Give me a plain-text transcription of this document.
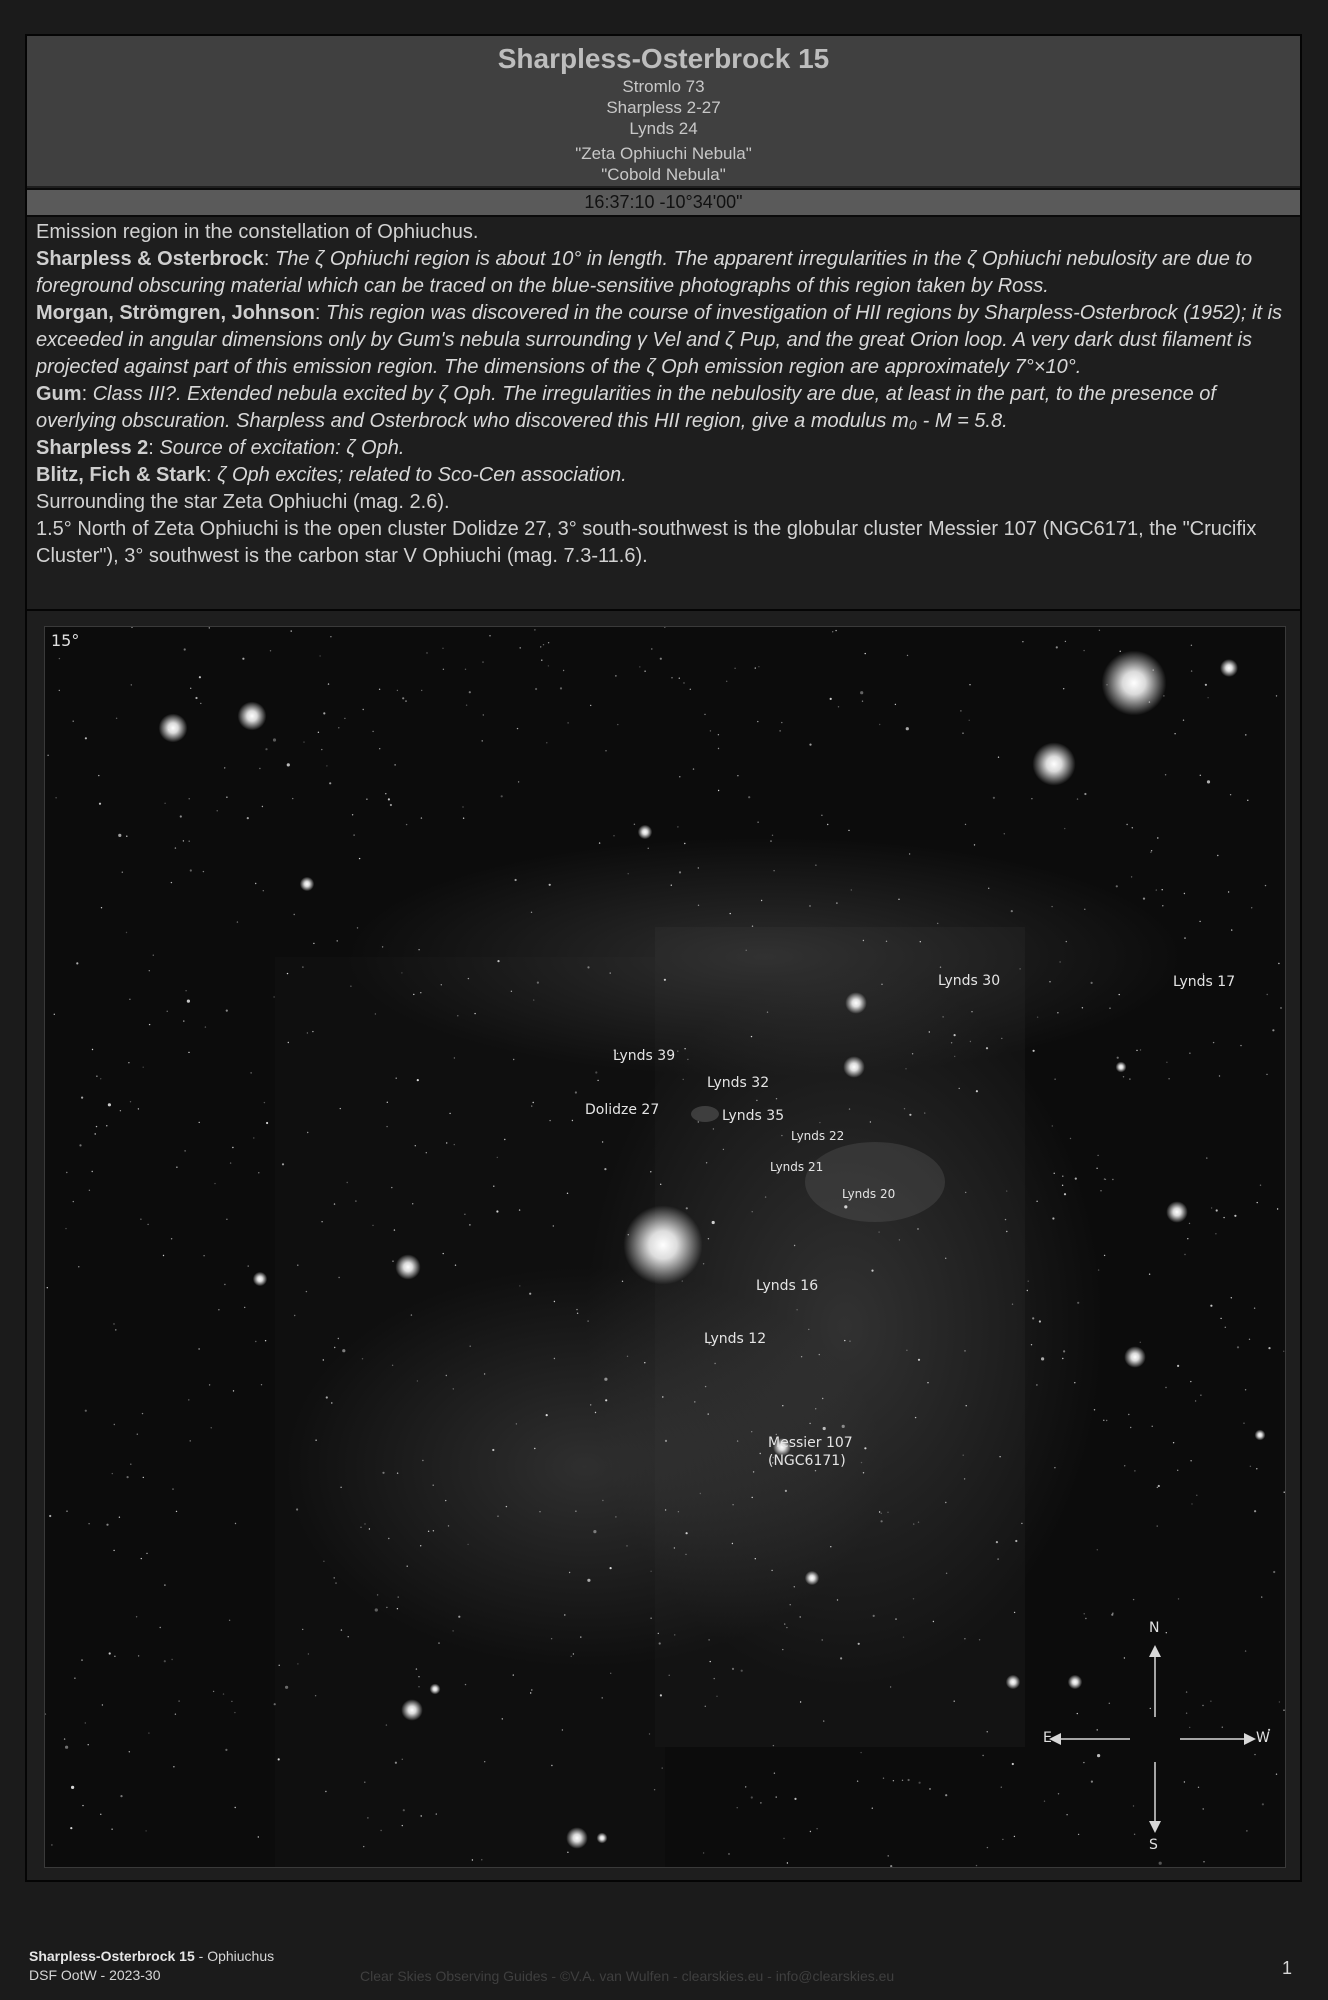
Sharpless-Osterbrock 15
Stromlo 73
Sharpless 2-27
Lynds 24
"Zeta Ophiuchi Nebula"
"Cobold Nebula"
16:37:10 -10°34'00"

Emission region in the constellation of Ophiuchus.

Sharpless & Osterbrock: The ζ Ophiuchi region is about 10° in length. The apparent irregularities in the ζ Ophiuchi nebulosity are due to foreground obscuring material which can be traced on the blue-sensitive photographs of this region taken by Ross.

Morgan, Strömgren, Johnson: This region was discovered in the course of investigation of HII regions by Sharpless-Osterbrock (1952); it is exceeded in angular dimensions only by Gum's nebula surrounding γ Vel and ζ Pup, and the great Orion loop. A very dark dust filament is projected against part of this emission region. The dimensions of the ζ Oph emission region are approximately 7°×10°.

Gum: Class III?. Extended nebula excited by ζ Oph. The irregularities in the nebulosity are due, at least in the part, to the presence of overlying obscuration. Sharpless and Osterbrock who discovered this HII region, give a modulus m₀ - M = 5.8.

Sharpless 2: Source of excitation: ζ Oph.

Blitz, Fich & Stark: ζ Oph excites; related to Sco-Cen association.

Surrounding the star Zeta Ophiuchi (mag. 2.6).

1.5° North of Zeta Ophiuchi is the open cluster Dolidze 27, 3° south-southwest is the globular cluster Messier 107 (NGC6171, the "Crucifix Cluster"), 3° southwest is the carbon star V Ophiuchi (mag. 7.3-11.6).

15°
Lynds 30	Lynds 17
Lynds 39
Lynds 32
Dolidze 27	Lynds 35
Lynds 22
Lynds 21
Lynds 20
Lynds 16
Lynds 12
Messier 107
(NGC6171)
N
S
E	W
Sharpless-Osterbrock 15 - Ophiuchus
DSF OotW - 2023-30	Clear Skies Observing Guides - ©V.A. van Wulfen - clearskies.eu - info@clearskies.eu	1
